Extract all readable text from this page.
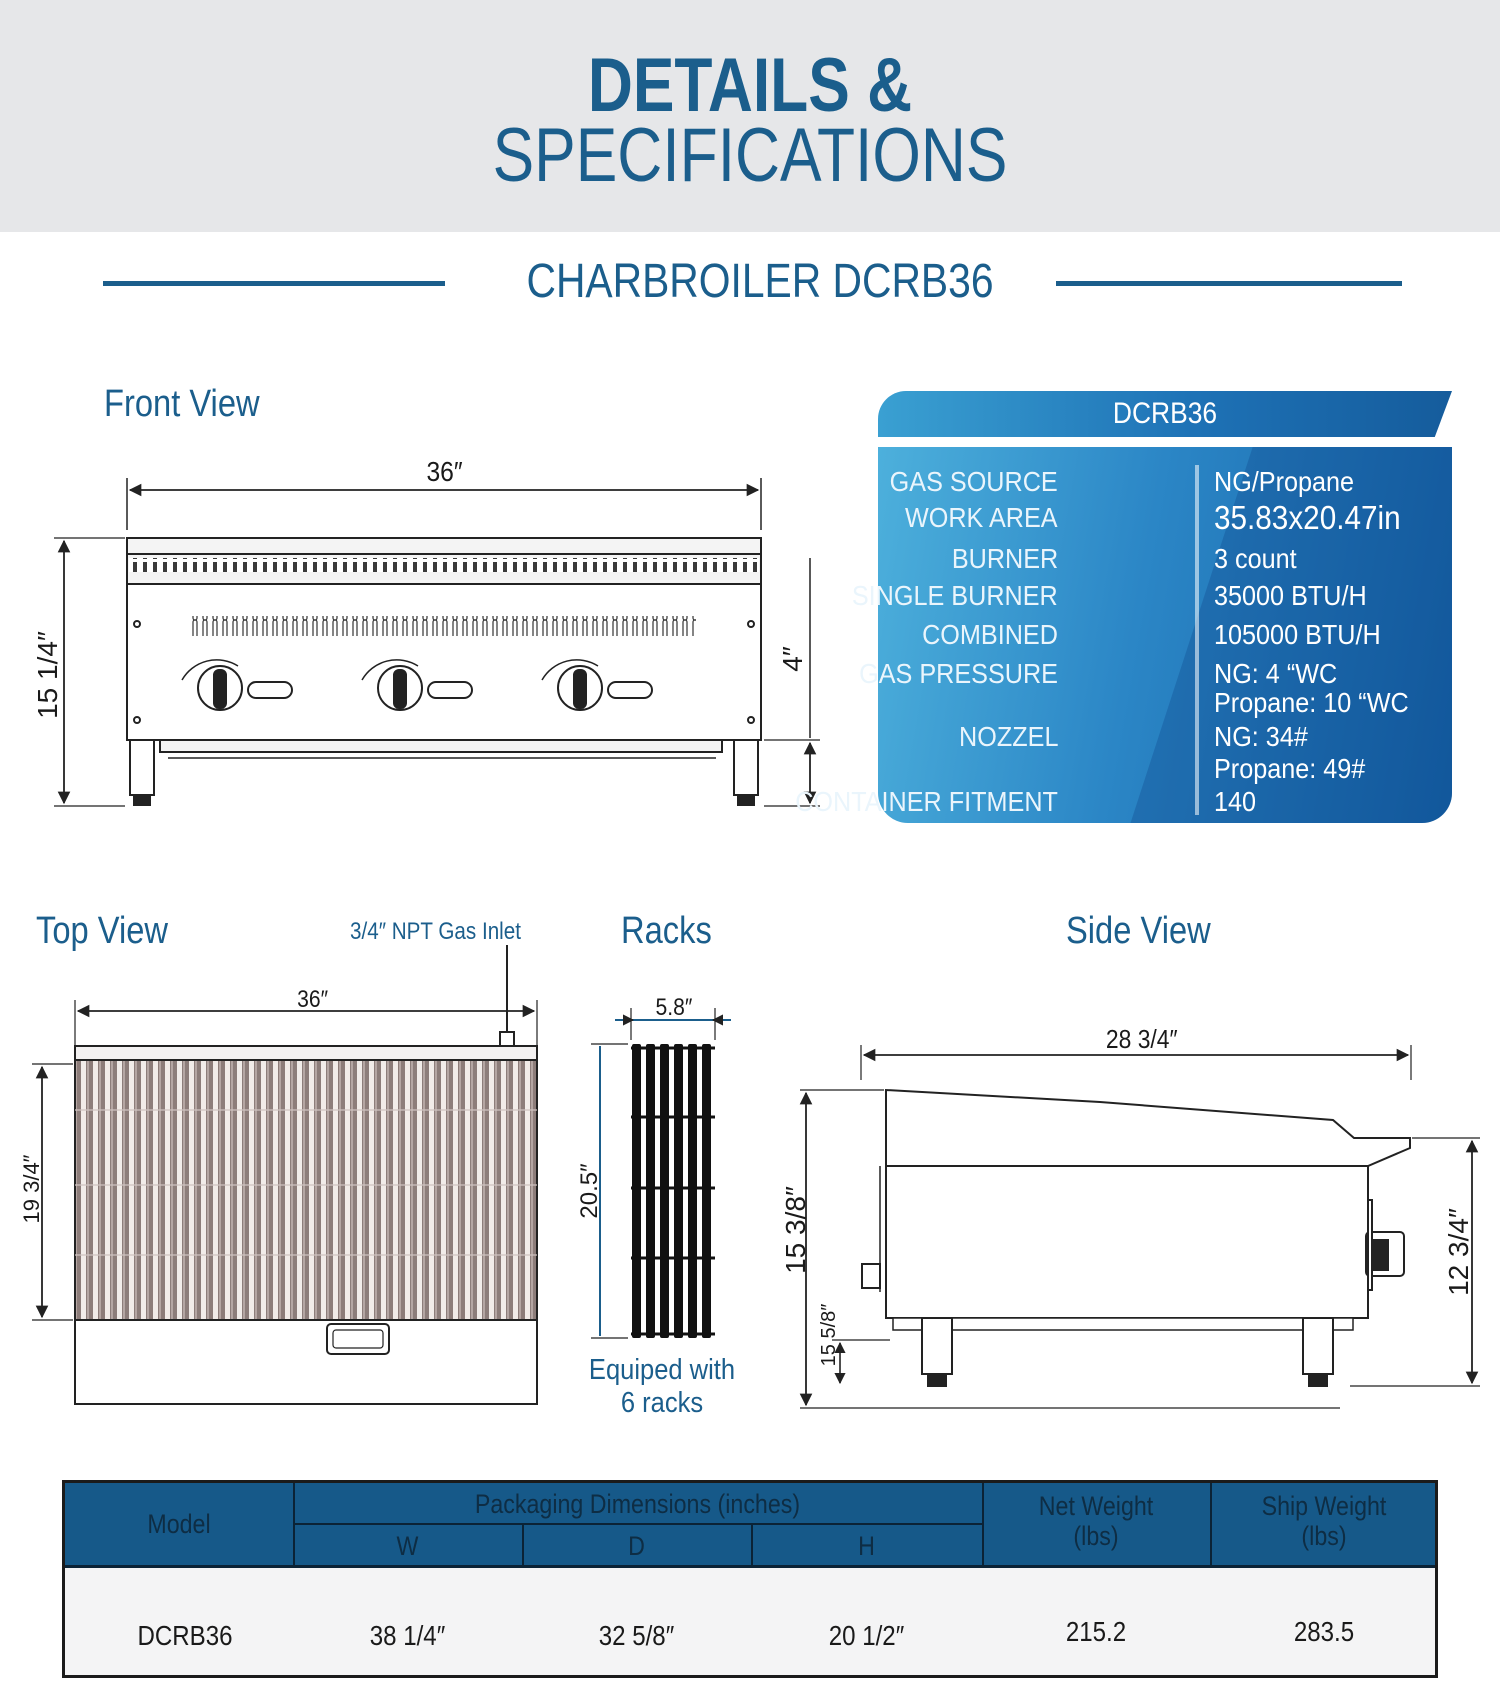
DETAILS &
SPECIFICATIONS
CHARBROILER DCRB36
Front View
Top View	3/4″ NPT Gas Inlet	Racks	Side View
36″
15 1/4″	4″
36″
19 3/4″
5.8″
20.5″
Equiped with
6 racks
28 3/4″
15 3/8″
15 5/8″
12 3/4″
DCRB36
GAS SOURCE	NG/Propane
WORK AREA	35.83x20.47in
BURNER	3 count
SINGLE BURNER	35000 BTU/H
COMBINED	105000 BTU/H
GAS PRESSURE	NG: 4 “WC
Propane: 10 “WC
NOZZEL	NG: 34#
Propane: 49#
CONTAINER FITMENT	140
Model
Packaging Dimensions (inches)
W	D	H
Net Weight
(lbs)
Ship Weight
(lbs)
DCRB36	38 1/4″	32 5/8″	20 1/2″	215.2	283.5
